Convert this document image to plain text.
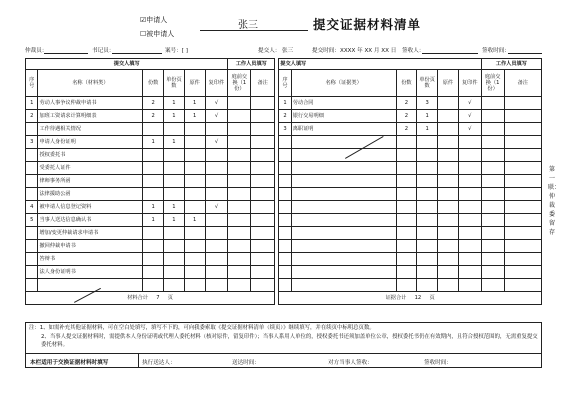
☑申请人
☐被申请人
张三	提交证据材料清单
仲裁员：	书记员：	案号：[ ]	提交人： 张三	提交时间： XXXX 年 XX 月 XX 日 签收人：	签收时间：
提交人填写						工作人员填写			提交人填写						工作人员填写	
序号	名称（材料类）	份数	单份页数	原件	复印件	庭前交换（1份）	备注		序号	名称（证据类）	份数	单份页数	原件	复印件	庭前交换（1份）	备注
1	劳动人事争议仲裁申请书	2	1	1	√				1	劳动合同	2	3		√		
2	加班工资请求计算明细表	2	1	1	√				2	银行交易明细	2	1		√		
	工作待遇相关情况								3	离职证明	2	1		√		
3	申请人身份证明	1	1		√											
	授权委托书															
	受委托人证件															
	律师事务所函															
	法律援助公函															
4	被申请人信息登记资料	1	1		√											
5	当事人送达信息确认书	1	1	1												
	增加/变更仲裁请求申请书															
	撤回仲裁申请书															
	答辩书															
	法人身份证明书															

材料合计 7 页									证据合计 12 页							
注：1、如需补充其他证据材料，可在空白处填写，填写不下的，可向我委索取《提交证据材料清单（续页）》继续填写，并在续页中标明总页数。
2、当事人提交证据材料时，需提供本人身份证明或代理人委托材料（核对原件，留复印件）；当事人系用人单位的，授权委托书还须加盖单位公章，授权委托书仍在有效期内，且符合授权范围的，无需重复提交委托材料。
本栏适用于交换证据材料时填写	执行送达人：	送达时间：	对方当事人签收：	签收时间：
第一联：仲裁委留存
